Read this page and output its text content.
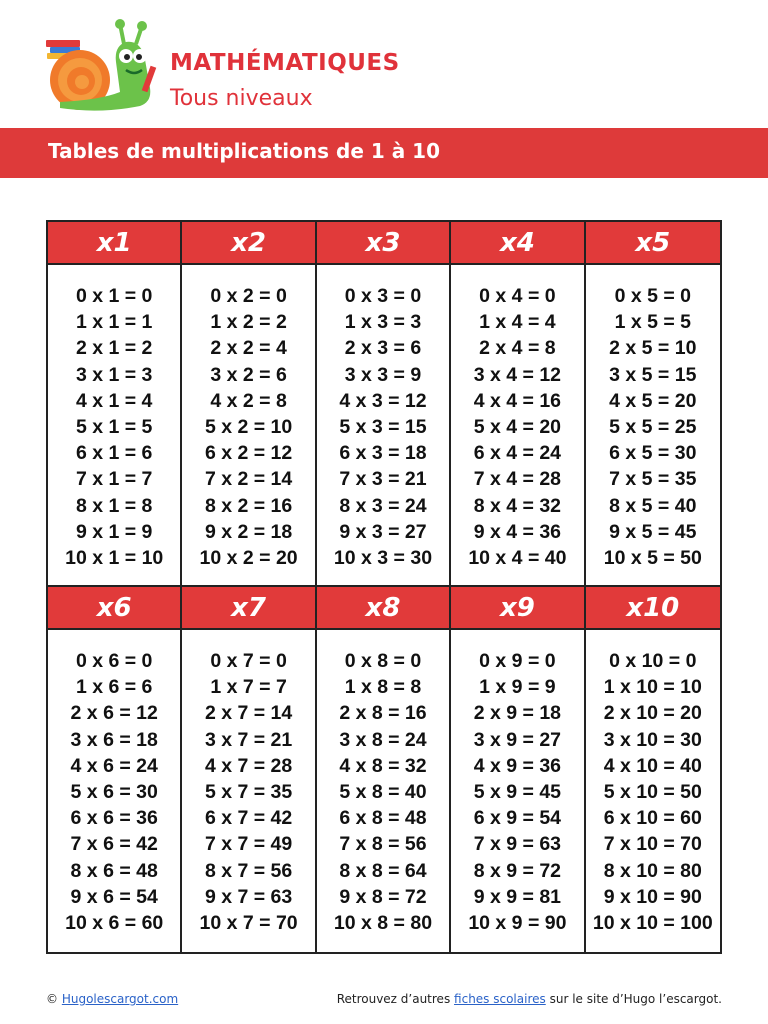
MATHÉMATIQUES
Tous niveaux
Tables de multiplications de 1 à 10
x1
0 x 1 = 0
1 x 1 = 1
2 x 1 = 2
3 x 1 = 3
4 x 1 = 4
5 x 1 = 5
6 x 1 = 6
7 x 1 = 7
8 x 1 = 8
9 x 1 = 9
10 x 1 = 10
x2
0 x 2 = 0
1 x 2 = 2
2 x 2 = 4
3 x 2 = 6
4 x 2 = 8
5 x 2 = 10
6 x 2 = 12
7 x 2 = 14
8 x 2 = 16
9 x 2 = 18
10 x 2 = 20
x3
0 x 3 = 0
1 x 3 = 3
2 x 3 = 6
3 x 3 = 9
4 x 3 = 12
5 x 3 = 15
6 x 3 = 18
7 x 3 = 21
8 x 3 = 24
9 x 3 = 27
10 x 3 = 30
x4
0 x 4 = 0
1 x 4 = 4
2 x 4 = 8
3 x 4 = 12
4 x 4 = 16
5 x 4 = 20
6 x 4 = 24
7 x 4 = 28
8 x 4 = 32
9 x 4 = 36
10 x 4 = 40
x5
0 x 5 = 0
1 x 5 = 5
2 x 5 = 10
3 x 5 = 15
4 x 5 = 20
5 x 5 = 25
6 x 5 = 30
7 x 5 = 35
8 x 5 = 40
9 x 5 = 45
10 x 5 = 50
x6
0 x 6 = 0
1 x 6 = 6
2 x 6 = 12
3 x 6 = 18
4 x 6 = 24
5 x 6 = 30
6 x 6 = 36
7 x 6 = 42
8 x 6 = 48
9 x 6 = 54
10 x 6 = 60
x7
0 x 7 = 0
1 x 7 = 7
2 x 7 = 14
3 x 7 = 21
4 x 7 = 28
5 x 7 = 35
6 x 7 = 42
7 x 7 = 49
8 x 7 = 56
9 x 7 = 63
10 x 7 = 70
x8
0 x 8 = 0
1 x 8 = 8
2 x 8 = 16
3 x 8 = 24
4 x 8 = 32
5 x 8 = 40
6 x 8 = 48
7 x 8 = 56
8 x 8 = 64
9 x 8 = 72
10 x 8 = 80
x9
0 x 9 = 0
1 x 9 = 9
2 x 9 = 18
3 x 9 = 27
4 x 9 = 36
5 x 9 = 45
6 x 9 = 54
7 x 9 = 63
8 x 9 = 72
9 x 9 = 81
10 x 9 = 90
x10
0 x 10 = 0
1 x 10 = 10
2 x 10 = 20
3 x 10 = 30
4 x 10 = 40
5 x 10 = 50
6 x 10 = 60
7 x 10 = 70
8 x 10 = 80
9 x 10 = 90
10 x 10 = 100
© Hugolescargot.com	Retrouvez d’autres fiches scolaires sur le site d’Hugo l’escargot.
